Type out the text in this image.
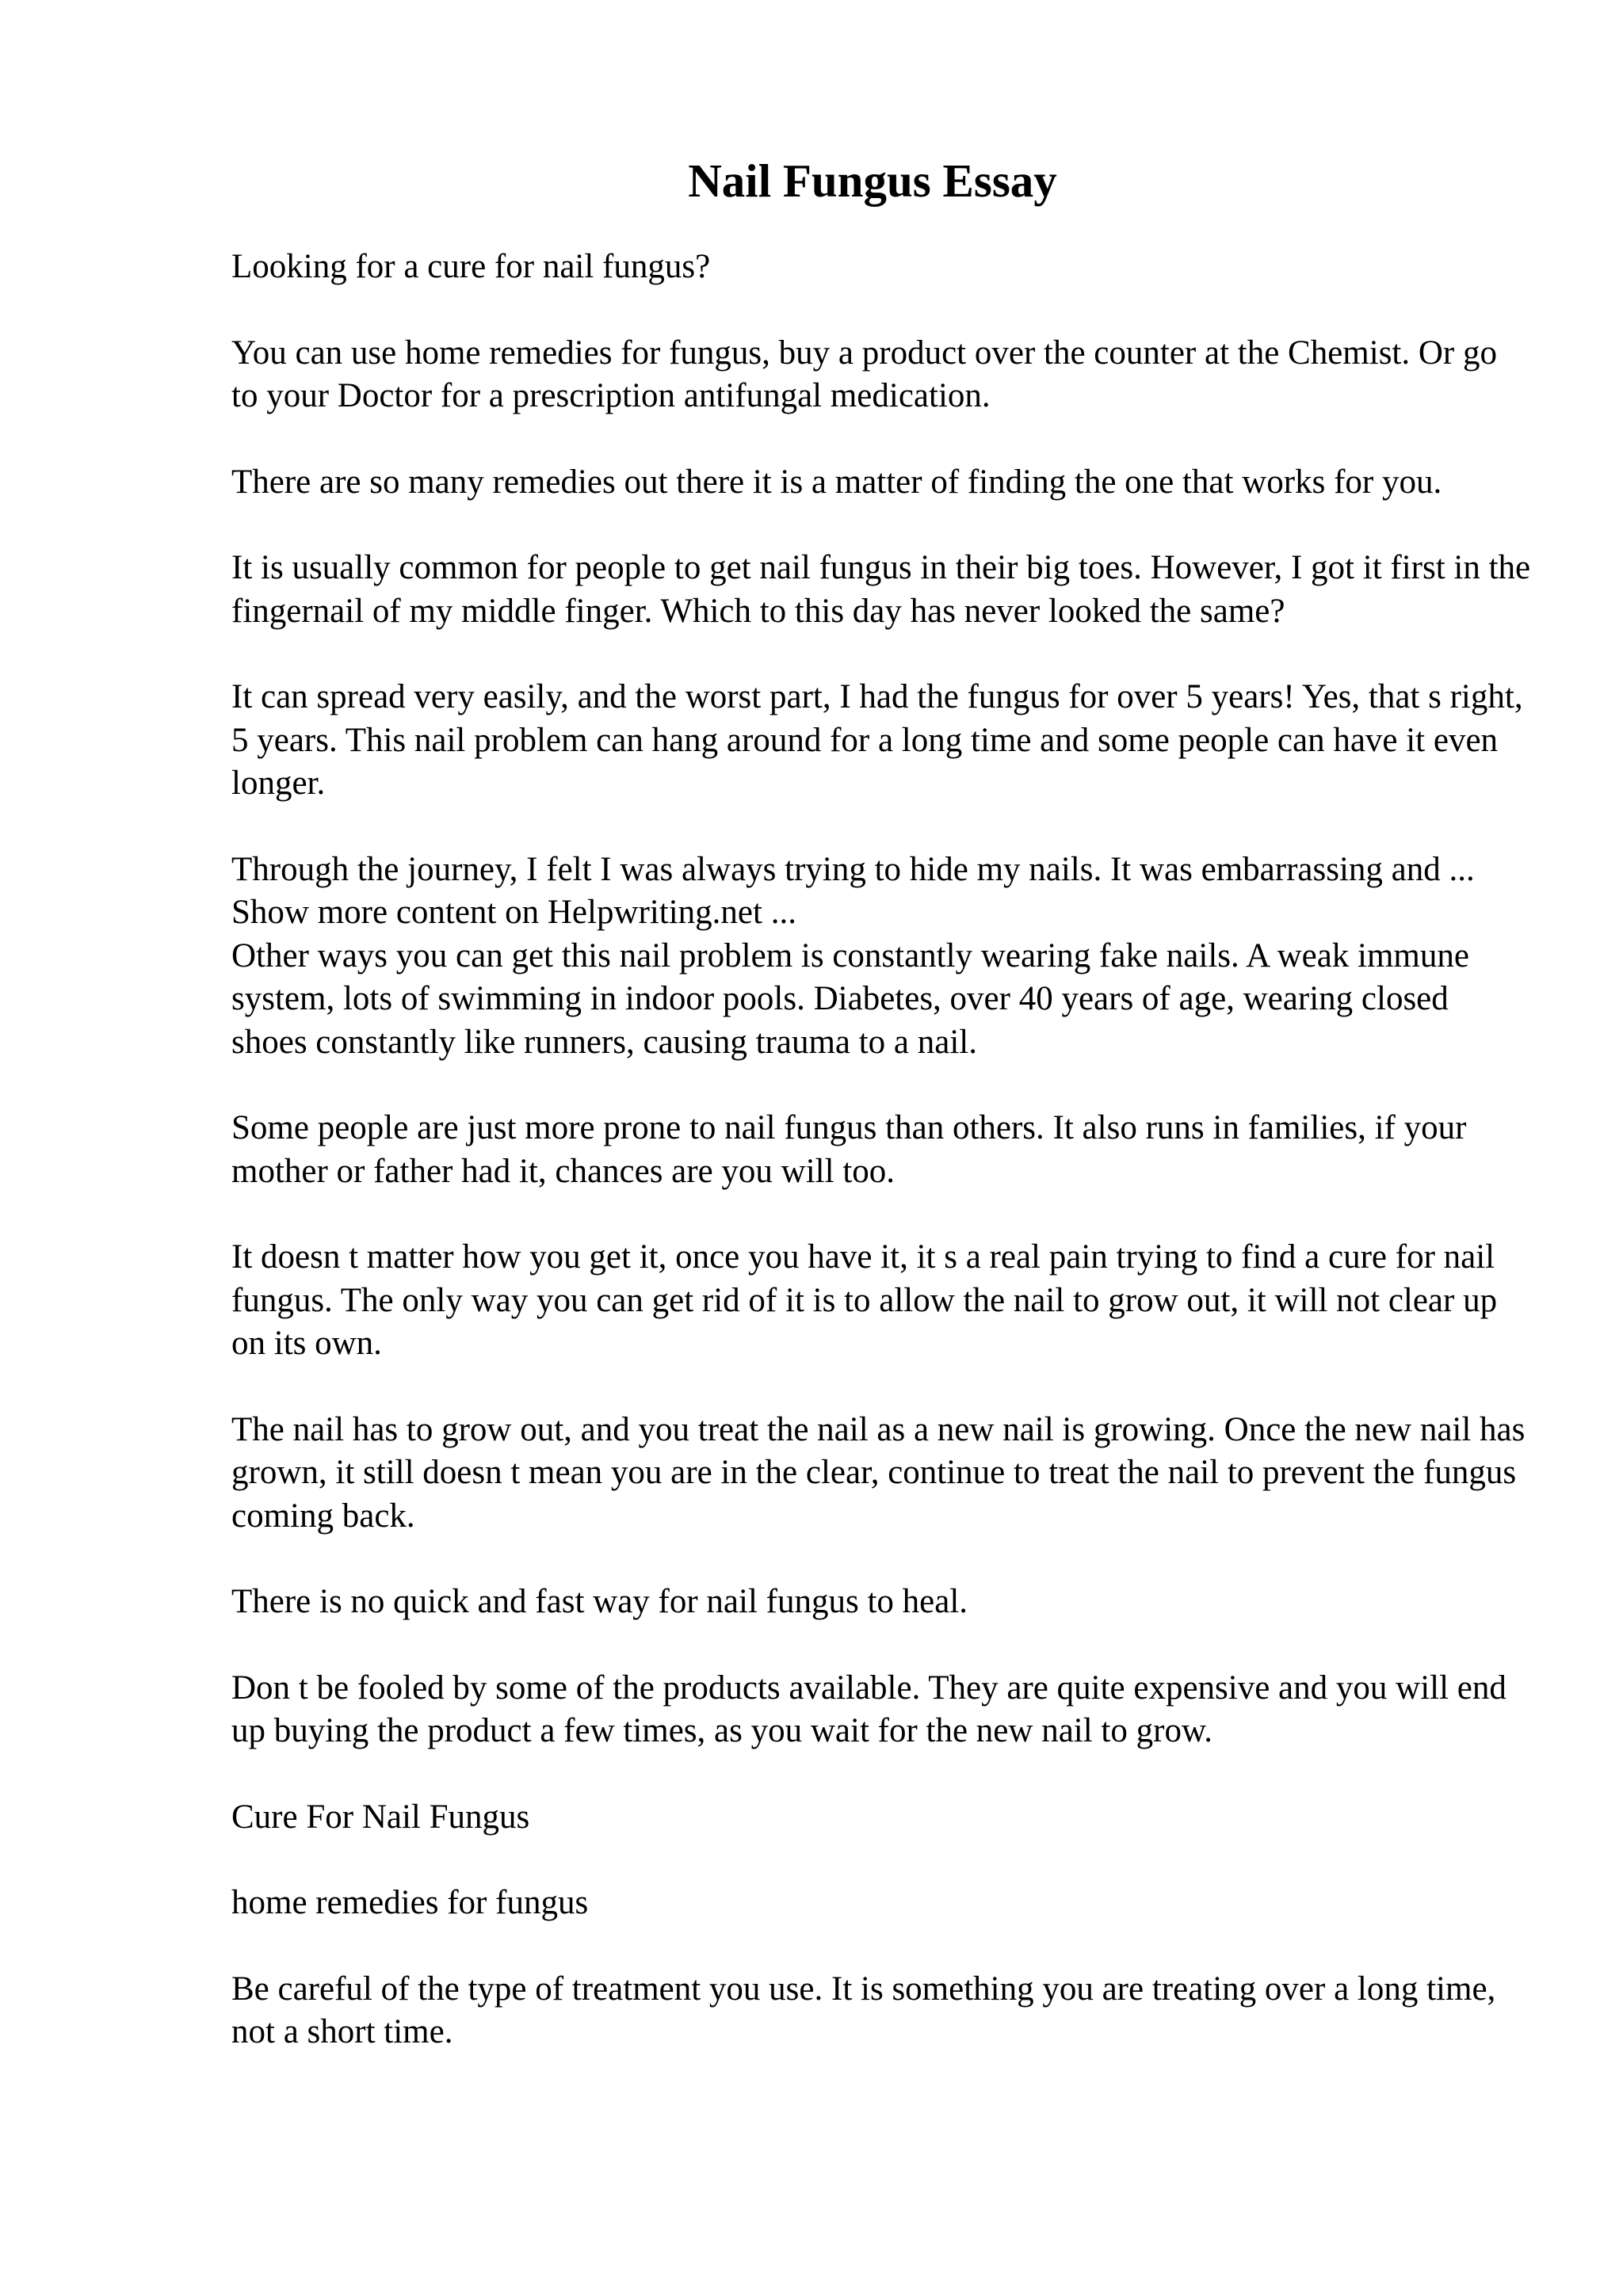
Nail Fungus Essay

Looking for a cure for nail fungus?

You can use home remedies for fungus, buy a product over the counter at the Chemist. Or go to your Doctor for a prescription antifungal medication.

There are so many remedies out there it is a matter of finding the one that works for you.

It is usually common for people to get nail fungus in their big toes. However, I got it first in the fingernail of my middle finger. Which to this day has never looked the same?

It can spread very easily, and the worst part, I had the fungus for over 5 years! Yes, that s right, 5 years. This nail problem can hang around for a long time and some people can have it even longer.

Through the journey, I felt I was always trying to hide my nails. It was embarrassing and ... Show more content on Helpwriting.net ...

Other ways you can get this nail problem is constantly wearing fake nails. A weak immune system, lots of swimming in indoor pools. Diabetes, over 40 years of age, wearing closed shoes constantly like runners, causing trauma to a nail.

Some people are just more prone to nail fungus than others. It also runs in families, if your mother or father had it, chances are you will too.

It doesn t matter how you get it, once you have it, it s a real pain trying to find a cure for nail fungus. The only way you can get rid of it is to allow the nail to grow out, it will not clear up on its own.

The nail has to grow out, and you treat the nail as a new nail is growing. Once the new nail has grown, it still doesn t mean you are in the clear, continue to treat the nail to prevent the fungus coming back.

There is no quick and fast way for nail fungus to heal.

Don t be fooled by some of the products available. They are quite expensive and you will end up buying the product a few times, as you wait for the new nail to grow.

Cure For Nail Fungus

home remedies for fungus

Be careful of the type of treatment you use. It is something you are treating over a long time, not a short time.
